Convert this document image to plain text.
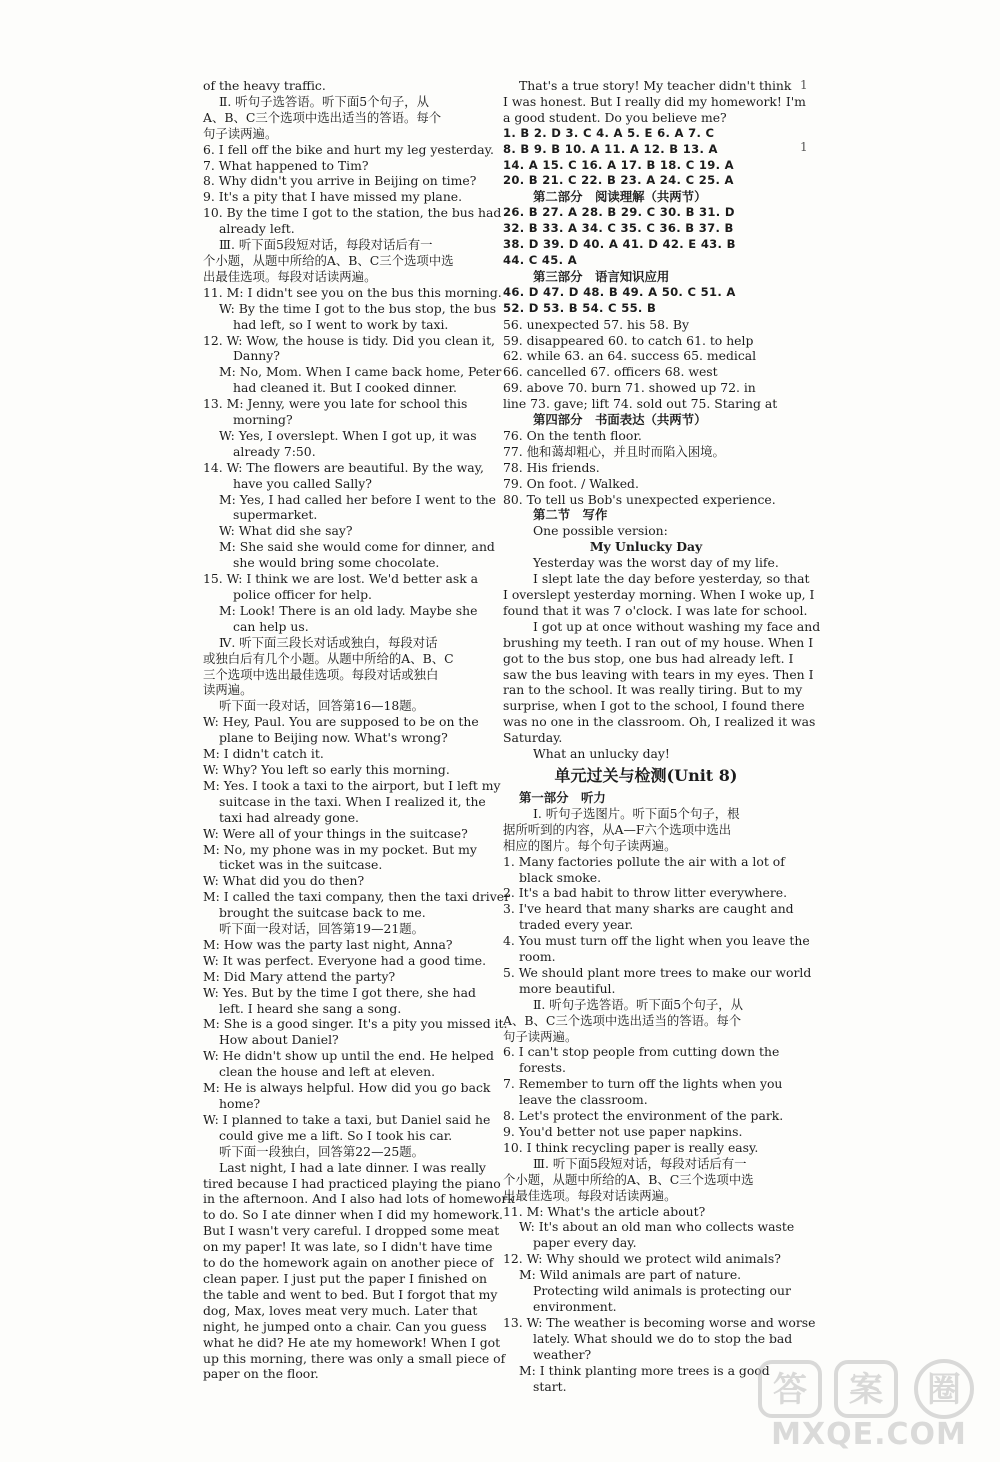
of the heavy traffic.
Ⅱ. 听句子选答语。听下面5个句子，从
A、B、C三个选项中选出适当的答语。每个
句子读两遍。
6. I fell off the bike and hurt my leg yesterday.
7. What happened to Tim?
8. Why didn't you arrive in Beijing on time?
9. It's a pity that I have missed my plane.
10. By the time I got to the station, the bus had
already left.
Ⅲ. 听下面5段短对话，每段对话后有一
个小题，从题中所给的A、B、C三个选项中选
出最佳选项。每段对话读两遍。
11. M: I didn't see you on the bus this morning.
W: By the time I got to the bus stop, the bus
had left, so I went to work by taxi.
12. W: Wow, the house is tidy. Did you clean it,
Danny?
M: No, Mom. When I came back home, Peter
had cleaned it. But I cooked dinner.
13. M: Jenny, were you late for school this
morning?
W: Yes, I overslept. When I got up, it was
already 7:50.
14. W: The flowers are beautiful. By the way,
have you called Sally?
M: Yes, I had called her before I went to the
supermarket.
W: What did she say?
M: She said she would come for dinner, and
she would bring some chocolate.
15. W: I think we are lost. We'd better ask a
police officer for help.
M: Look! There is an old lady. Maybe she
can help us.
Ⅳ. 听下面三段长对话或独白，每段对话
或独白后有几个小题。从题中所给的A、B、C
三个选项中选出最佳选项。每段对话或独白
读两遍。
听下面一段对话，回答第16—18题。
W: Hey, Paul. You are supposed to be on the
plane to Beijing now. What's wrong?
M: I didn't catch it.
W: Why? You left so early this morning.
M: Yes. I took a taxi to the airport, but I left my
suitcase in the taxi. When I realized it, the
taxi had already gone.
W: Were all of your things in the suitcase?
M: No, my phone was in my pocket. But my
ticket was in the suitcase.
W: What did you do then?
M: I called the taxi company, then the taxi driver
brought the suitcase back to me.
听下面一段对话，回答第19—21题。
M: How was the party last night, Anna?
W: It was perfect. Everyone had a good time.
M: Did Mary attend the party?
W: Yes. But by the time I got there, she had
left. I heard she sang a song.
M: She is a good singer. It's a pity you missed it.
How about Daniel?
W: He didn't show up until the end. He helped
clean the house and left at eleven.
M: He is always helpful. How did you go back
home?
W: I planned to take a taxi, but Daniel said he
could give me a lift. So I took his car.
听下面一段独白，回答第22—25题。
Last night, I had a late dinner. I was really
tired because I had practiced playing the piano
in the afternoon. And I also had lots of homework
to do. So I ate dinner when I did my homework.
But I wasn't very careful. I dropped some meat
on my paper! It was late, so I didn't have time
to do the homework again on another piece of
clean paper. I just put the paper I finished on
the table and went to bed. But I forgot that my
dog, Max, loves meat very much. Later that
night, he jumped onto a chair. Can you guess
what he did? He ate my homework! When I got
up this morning, there was only a small piece of
paper on the floor.
That's a true story! My teacher didn't think
I was honest. But I really did my homework! I'm
a good student. Do you believe me?
1. B 2. D 3. C 4. A 5. E 6. A 7. C
8. B 9. B 10. A 11. A 12. B 13. A
14. A 15. C 16. A 17. B 18. C 19. A
20. B 21. C 22. B 23. A 24. C 25. A
第二部分　阅读理解（共两节）
26. B 27. A 28. B 29. C 30. B 31. D
32. B 33. A 34. C 35. C 36. B 37. B
38. D 39. D 40. A 41. D 42. E 43. B
44. C 45. A
第三部分　语言知识应用
46. D 47. D 48. B 49. A 50. C 51. A
52. D 53. B 54. C 55. B
56. unexpected 57. his 58. By
59. disappeared 60. to catch 61. to help
62. while 63. an 64. success 65. medical
66. cancelled 67. officers 68. west
69. above 70. burn 71. showed up 72. in
line 73. gave; lift 74. sold out 75. Staring at
第四部分　书面表达（共两节）
76. On the tenth floor.
77. 他和蔼却粗心，并且时而陷入困境。
78. His friends.
79. On foot. / Walked.
80. To tell us Bob's unexpected experience.
第二节　写作
One possible version:
My Unlucky Day
Yesterday was the worst day of my life.
I slept late the day before yesterday, so that
I overslept yesterday morning. When I woke up, I
found that it was 7 o'clock. I was late for school.
I got up at once without washing my face and
brushing my teeth. I ran out of my house. When I
got to the bus stop, one bus had already left. I
saw the bus leaving with tears in my eyes. Then I
ran to the school. It was really tiring. But to my
surprise, when I got to the school, I found there
was no one in the classroom. Oh, I realized it was
Saturday.
What an unlucky day!
单元过关与检测(Unit 8)
第一部分　听力
Ⅰ. 听句子选图片。听下面5个句子，根
据所听到的内容，从A—F六个选项中选出
相应的图片。每个句子读两遍。
1. Many factories pollute the air with a lot of
black smoke.
2. It's a bad habit to throw litter everywhere.
3. I've heard that many sharks are caught and
traded every year.
4. You must turn off the light when you leave the
room.
5. We should plant more trees to make our world
more beautiful.
Ⅱ. 听句子选答语。听下面5个句子，从
A、B、C三个选项中选出适当的答语。每个
句子读两遍。
6. I can't stop people from cutting down the
forests.
7. Remember to turn off the lights when you
leave the classroom.
8. Let's protect the environment of the park.
9. You'd better not use paper napkins.
10. I think recycling paper is really easy.
Ⅲ. 听下面5段短对话，每段对话后有一
个小题，从题中所给的A、B、C三个选项中选
出最佳选项。每段对话读两遍。
11. M: What's the article about?
W: It's about an old man who collects waste
paper every day.
12. W: Why should we protect wild animals?
M: Wild animals are part of nature.
Protecting wild animals is protecting our
environment.
13. W: The weather is becoming worse and worse
lately. What should we do to stop the bad
weather?
M: I think planting more trees is a good
start.
1
1
答 案 圈
MXQE.COM
